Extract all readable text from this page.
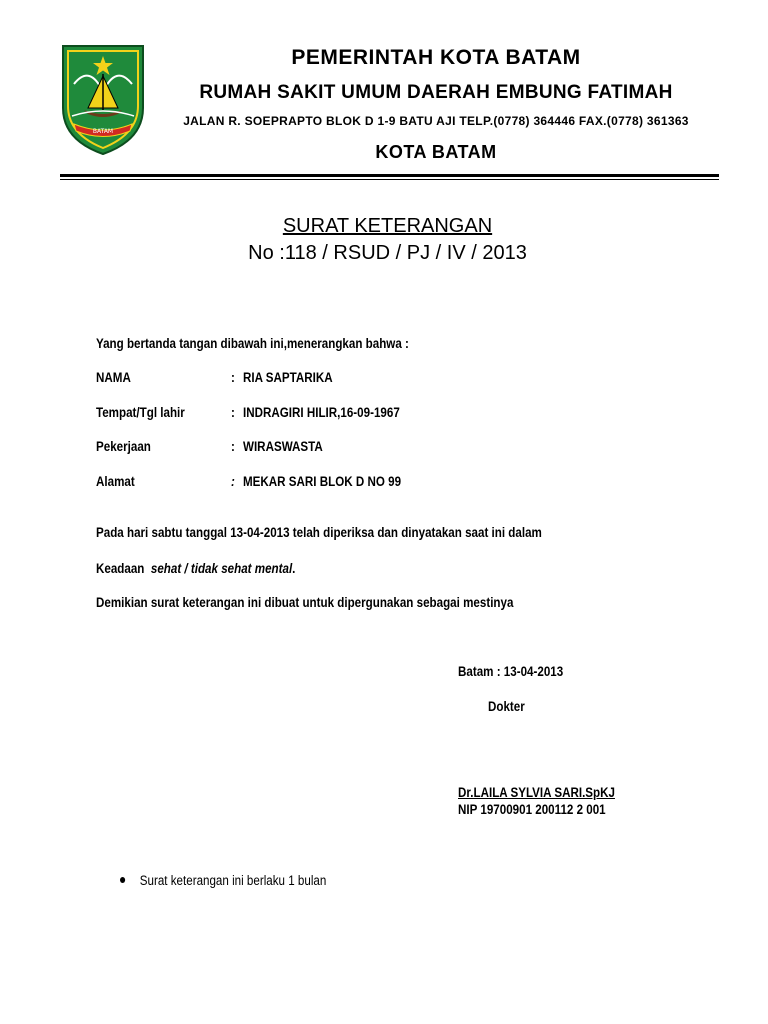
BATAM
PEMERINTAH KOTA BATAM
RUMAH SAKIT UMUM DAERAH EMBUNG FATIMAH
JALAN R. SOEPRAPTO BLOK D 1-9 BATU AJI TELP.(0778) 364446 FAX.(0778) 361363
KOTA BATAM
SURAT KETERANGAN
No :118 / RSUD / PJ / IV / 2013
Yang bertanda tangan dibawah ini,menerangkan bahwa :
NAMA	: RIA SAPTARIKA
Tempat/Tgl lahir	: INDRAGIRI HILIR,16-09-1967
Pekerjaan	: WIRASWASTA
Alamat	: MEKAR SARI BLOK D NO 99
Pada hari sabtu tanggal 13-04-2013 telah diperiksa dan dinyatakan saat ini dalam
Keadaan sehat / tidak sehat mental.
Demikian surat keterangan ini dibuat untuk dipergunakan sebagai mestinya
Batam : 13-04-2013
Dokter
Dr.LAILA SYLVIA SARI.SpKJ
NIP 19700901 200112 2 001
Surat keterangan ini berlaku 1 bulan
